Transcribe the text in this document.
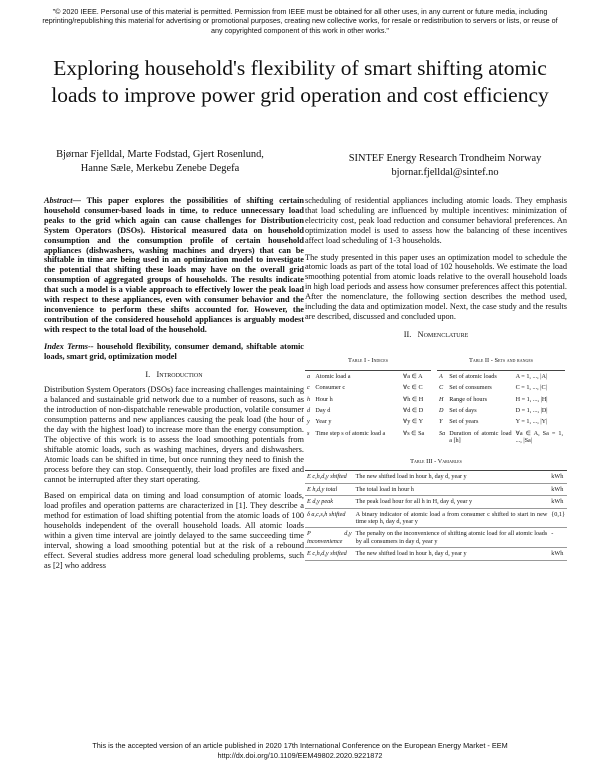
"© 2020 IEEE. Personal use of this material is permitted. Permission from IEEE must be obtained for all other uses, in any current or future media, including reprinting/republishing this material for advertising or promotional purposes, creating new collective works, for resale or redistribution to servers or lists, or reuse of any copyrighted component of this work in other works."
Exploring household's flexibility of smart shifting atomic loads to improve power grid operation and cost efficiency
Bjørnar Fjelldal, Marte Fodstad, Gjert Rosenlund,
Hanne Sæle, Merkebu Zenebe Degefa
SINTEF Energy Research Trondheim Norway
bjornar.fjelldal@sintef.no

Abstract— This paper explores the possibilities of shifting certain household consumer-based loads in time, to reduce unnecessary load peaks to the grid which again can cause challenges for Distribution System Operators (DSOs). Historical measured data on household consumption and the consumption profile of certain household appliances (dishwashers, washing machines and dryers) that can be shiftable in time are being used in an optimization model to investigate the potential that shifting these loads may have on the overall grid consumption of aggregated groups of households. The results indicate that such a model is a viable approach to effectively lower the peak load with respect to these appliances, even with consumer behavior and the inconvenience to perform these shifts accounted for. However, the contribution of the considered household appliances is arguably modest with respect to the total load of the household.

Index Terms-- household flexibility, consumer demand, shiftable atomic loads, smart grid, optimization model

I. Introduction

Distribution System Operators (DSOs) face increasing challenges maintaining a balanced and sustainable grid network due to a number of reasons, such as the introduction of non-dispatchable renewable production, volatile consumer consumption patterns and new appliances causing the peak load (the hour of the day with the highest load) to increase more than the energy consumption. The objective of this work is to assess the load smoothing potentials from shiftable atomic loads, such as washing machines, dryers and dishwashers. Atomic loads can be shifted in time, but once running they need to finish the process before they can stop. Consequently, their load profiles are fixed and cannot be interrupted after they start operating.

Based on empirical data on timing and load consumption of atomic loads, load profiles and operation patterns are characterized in [1]. They describe a method for estimation of load shifting potential from the atomic loads of 100 households independent of the overall household loads. All atomic loads within a given time interval are jointly delayed to the same succeeding time interval, showing a load smoothing potential but at the risk of a rebound effect. Several studies address more general load scheduling problems, such as [2] who address

scheduling of residential appliances including atomic loads. They emphasis that load scheduling are influenced by multiple incentives: minimization of electricity cost, peak load reduction and consumer behavioral preferences. An optimization model is used to assess how the balancing of these incentives affect load scheduling of 1-3 households.

The study presented in this paper uses an optimization model to schedule the atomic loads as part of the total load of 102 households. We estimate the load smoothing potential from atomic loads relative to the overall household loads in high load periods and assess how consumer preferences affect this potential. After the nomenclature, the following section describes the method used, including the data and optimization model. Next, the case study and the results are described, discussed and concluded upon.

II. Nomenclature
Table I - Indices
a	Atomic load a	∀a ∈ A
c	Consumer c	∀c ∈ C
h	Hour h	∀h ∈ H
d	Day d	∀d ∈ D
y	Year y	∀y ∈ Y
s	Time step s of atomic load a	∀s ∈ Sa
Table II - Sets and ranges
A	Set of atomic loads	A = 1, ..., |A|
C	Set of consumers	C = 1, ..., |C|
H	Range of hours	H = 1, ..., |H|
D	Set of days	D = 1, ..., |D|
Y	Set of years	Y = 1, ..., |Y|
Sa	Duration of atomic load a [h]	∀a ∈ A, Sa = 1, ..., |Sa|
Table III - Variables
E c,h,d,y shifted	The new shifted load in hour h, day d, year y	kWh
E h,d,y total	The total load in hour h	kWh
E d,y peak	The peak load hour for all h in H, day d, year y	kWh
δ a,c,s,h shifted	A binary indicator of atomic load a from consumer c shifted to start in new time step h, day d, year y	{0,1}
P d,y inconvenience	The penalty on the inconvenience of shifting atomic load for all atomic loads by all consumers in day d, year y	-
E c,h,d,y shifted	The new shifted load in hour h, day d, year y	kWh
This is the accepted version of an article published in 2020 17th International Conference on the European Energy Market - EEM
http://dx.doi.org/10.1109/EEM49802.2020.9221872
